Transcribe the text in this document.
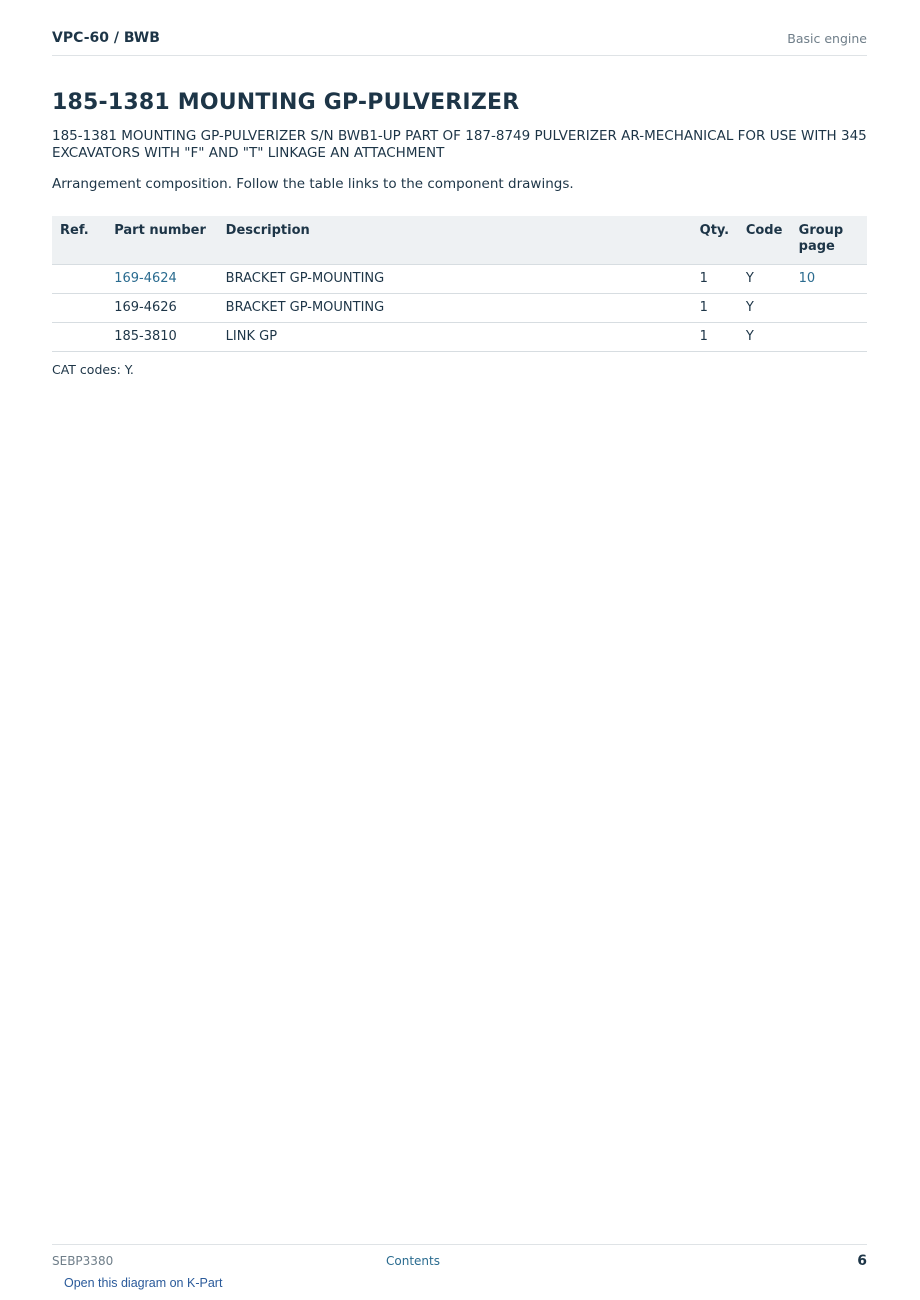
VPC-60 / BWB	Basic engine
185-1381 MOUNTING GP-PULVERIZER

185-1381 MOUNTING GP-PULVERIZER S/N BWB1-UP PART OF 187-8749 PULVERIZER AR-MECHANICAL FOR USE WITH 345 EXCAVATORS WITH "F" AND "T" LINKAGE AN ATTACHMENT

Arrangement composition. Follow the table links to the component drawings.

Ref.	Part number	Description	Qty.	Code	Group page
	169-4624	BRACKET GP-MOUNTING	1	Y	10
	169-4626	BRACKET GP-MOUNTING	1	Y	
	185-3810	LINK GP	1	Y	
CAT codes: Y.
SEBP3380	Contents	6
Open this diagram on K-Part
